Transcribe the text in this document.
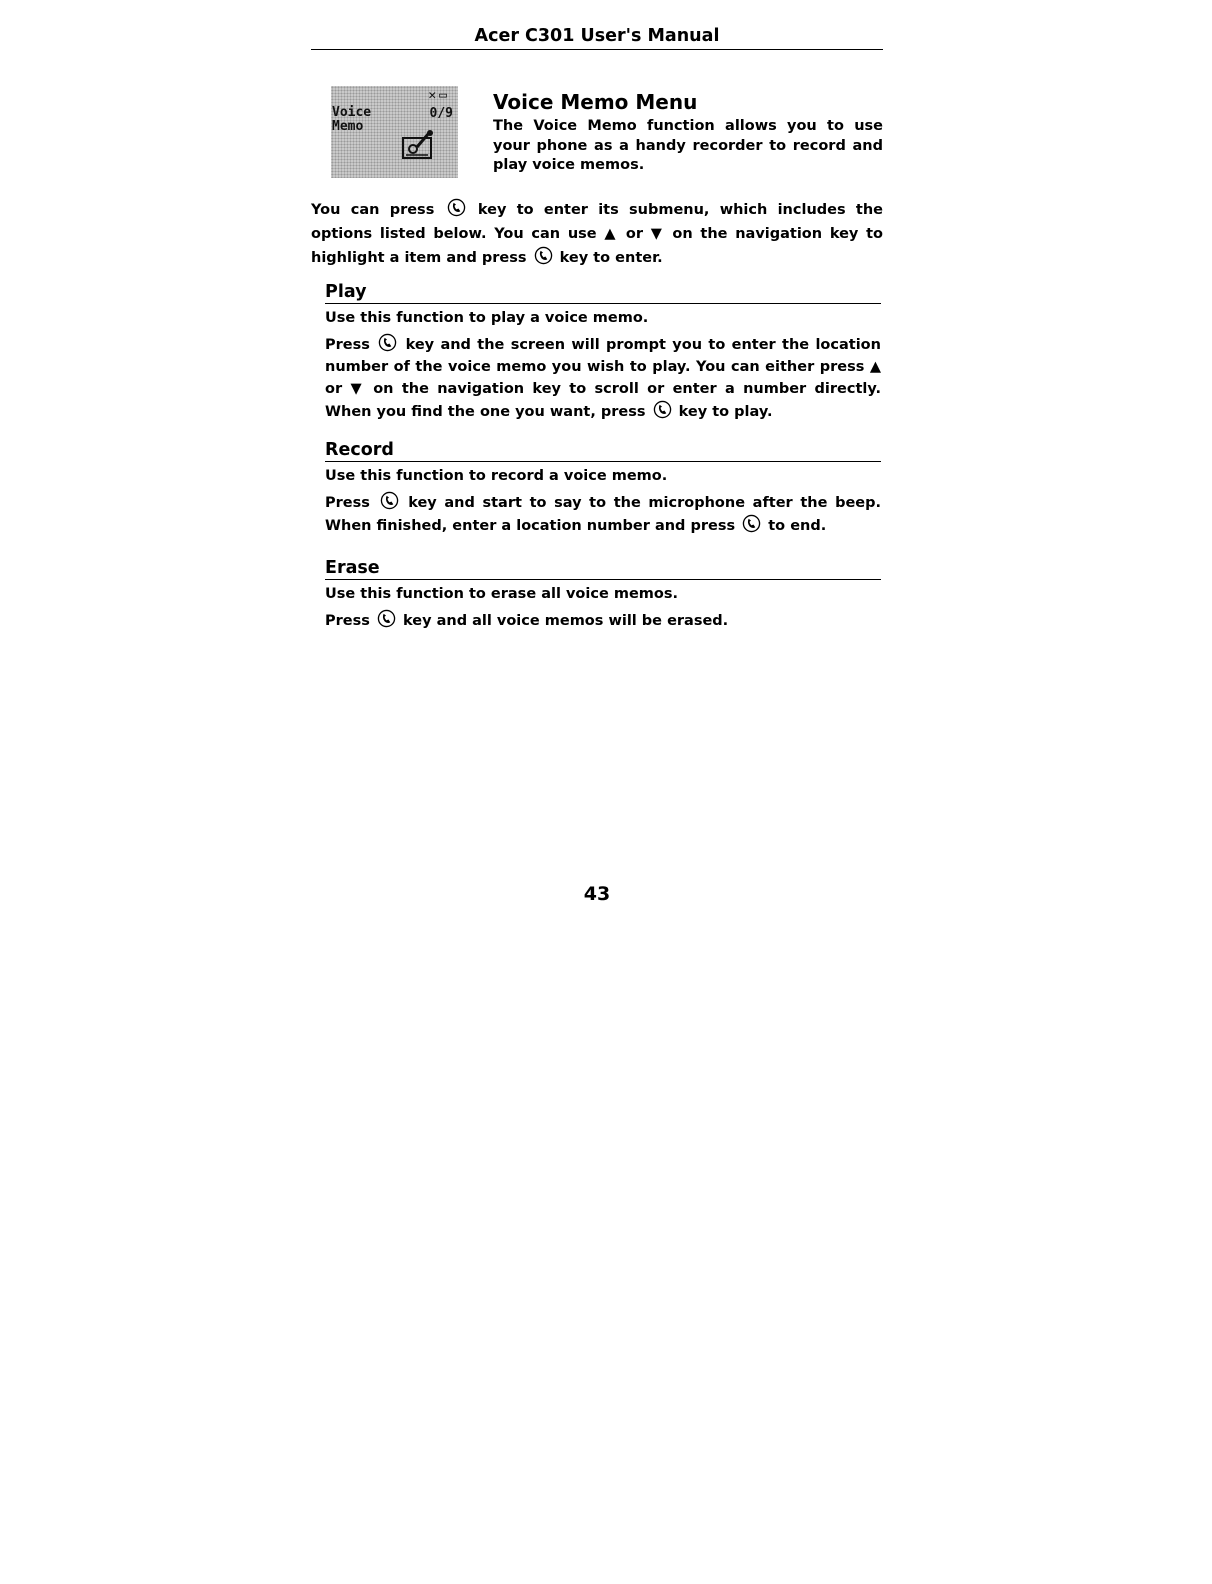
Acer C301 User's Manual
✕▭
Voice
Memo
0/9 Voice Memo Menu

The Voice Memo function allows you to use your phone as a handy recorder to record and play voice memos.

You can press	key to enter its submenu, which includes the options listed below. You can use ▲ or ▼ on the navigation key to highlight a item and press key to enter.
Play

Use this function to play a voice memo.

Press key and the screen will prompt you to enter the location number of the voice memo you wish to play. You can either press ▲ or ▼ on the navigation key to scroll or enter a number directly. When you find the one you want, press key to play.

Record

Use this function to record a voice memo.

Press	key and start to say to the microphone after the beep. When finished, enter a location number and press to end.

Erase

Use this function to erase all voice memos.

Press key and all voice memos will be erased.

43
